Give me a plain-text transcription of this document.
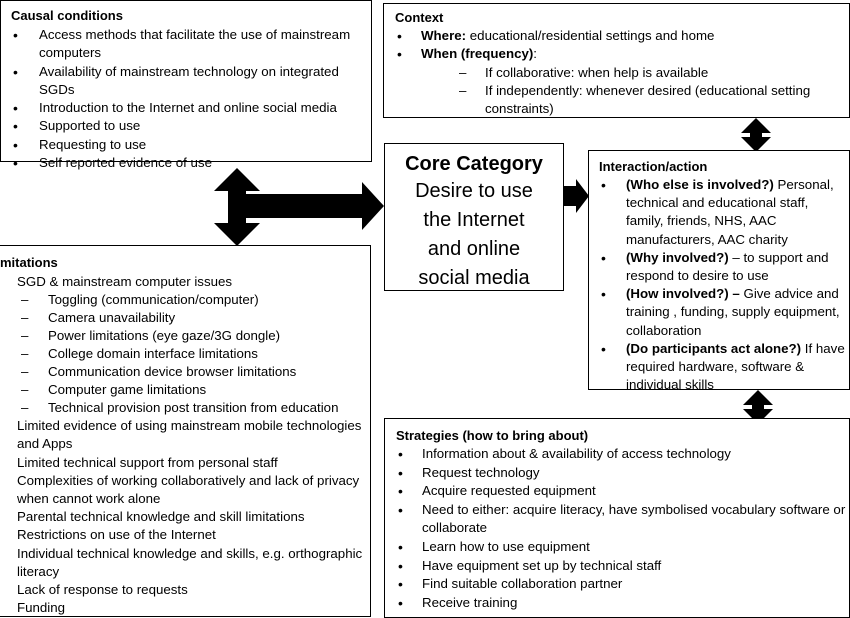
Causal conditions
• Access methods that facilitate the use of mainstream computers
• Availability of mainstream technology on integrated SGDs
• Introduction to the Internet and online social media
• Supported to use
• Requesting to use
• Self reported evidence of use
Context
• Where: educational/residential settings and home
• When (frequency):
– If collaborative: when help is available
– If independently: whenever desired (educational setting constraints)
Core Category
Desire to use
the Internet
and online
social media
Interaction/action
• (Who else is involved?) Personal, technical and educational staff, family, friends, NHS, AAC manufacturers, AAC charity
• (Why involved?) – to support and respond to desire to use
• (How involved?) – Give advice and training , funding, supply equipment, collaboration
• (Do participants act alone?) If have required hardware, software & individual skills
mitations
SGD & mainstream computer issues
– Toggling (communication/computer)
– Camera unavailability
– Power limitations (eye gaze/3G dongle)
– College domain interface limitations
– Communication device browser limitations
– Computer game limitations
– Technical provision post transition from education
Limited evidence of using mainstream mobile technologies and Apps
Limited technical support from personal staff
Complexities of working collaboratively and lack of privacy when cannot work alone
Parental technical knowledge and skill limitations
Restrictions on use of the Internet
Individual technical knowledge and skills, e.g. orthographic literacy
Lack of response to requests
Funding
Strategies (how to bring about)
• Information about & availability of access technology
• Request technology
• Acquire requested equipment
• Need to either: acquire literacy, have symbolised vocabulary software or collaborate
• Learn how to use equipment
• Have equipment set up by technical staff
• Find suitable collaboration partner
• Receive training
